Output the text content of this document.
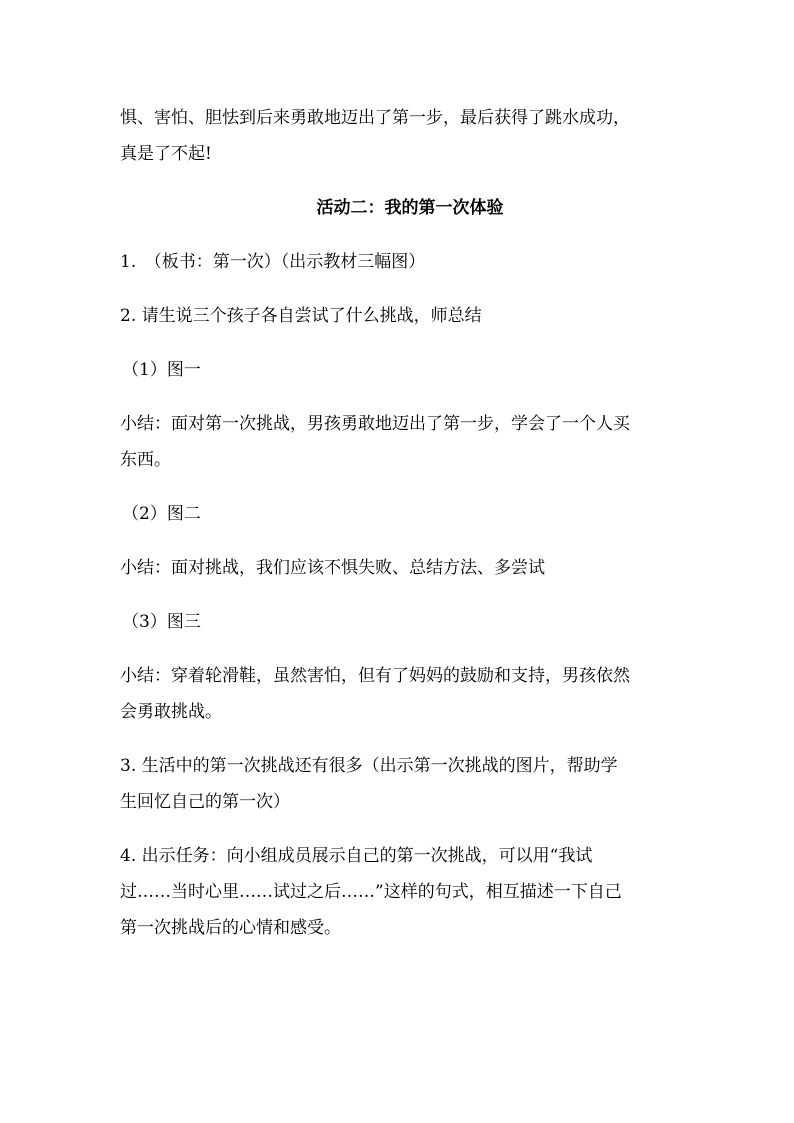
惧、害怕、胆怯到后来勇敢地迈出了第一步，最后获得了跳水成功，

真是了不起!

活动二：我的第一次体验

1.　（板书：第一次）（出示教材三幅图）

2. 请生说三个孩子各自尝试了什么挑战，师总结

（1）图一

小结：面对第一次挑战，男孩勇敢地迈出了第一步，学会了一个人买

东西。

（2）图二

小结：面对挑战，我们应该不惧失败、总结方法、多尝试

（3）图三

小结：穿着轮滑鞋，虽然害怕，但有了妈妈的鼓励和支持，男孩依然

会勇敢挑战。

3. 生活中的第一次挑战还有很多（出示第一次挑战的图片，帮助学

生回忆自己的第一次）

4. 出示任务：向小组成员展示自己的第一次挑战，可以用“我试

过……当时心里……试过之后……”这样的句式，相互描述一下自己

第一次挑战后的心情和感受。
